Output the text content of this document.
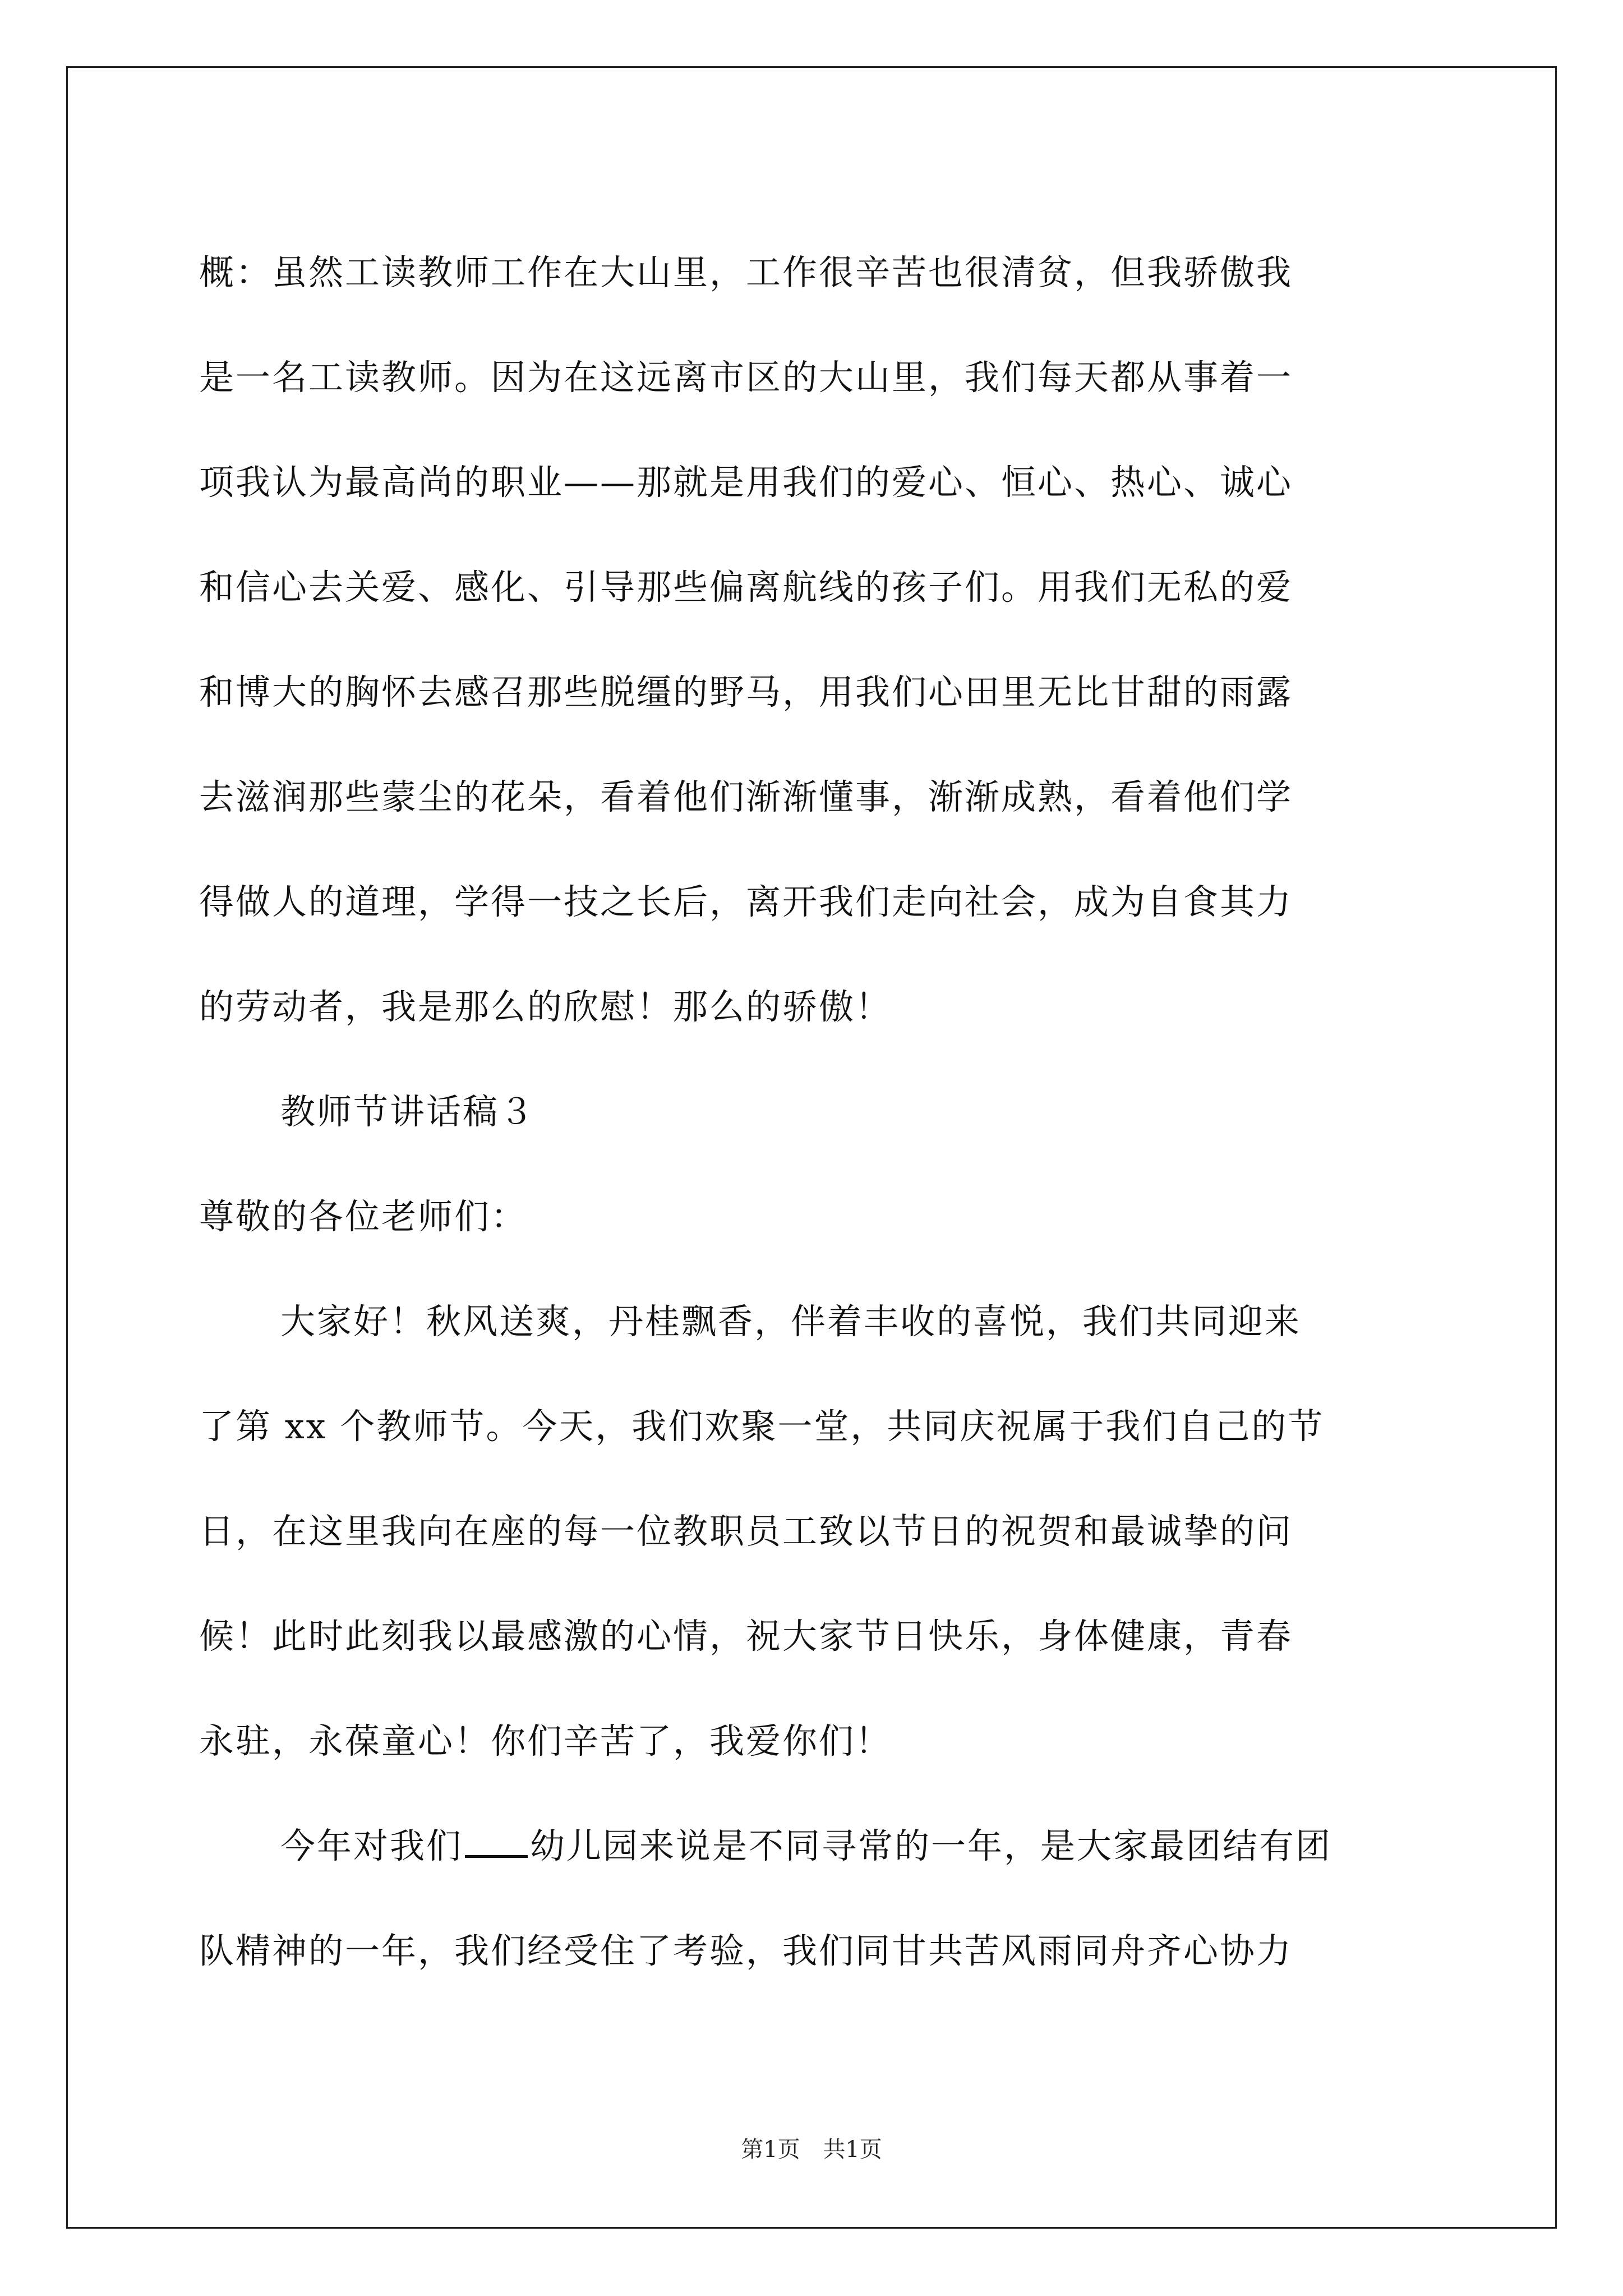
概：虽然工读教师工作在大山里，工作很辛苦也很清贫，但我骄傲我
是一名工读教师。因为在这远离市区的大山里，我们每天都从事着一
项我认为最高尚的职业——那就是用我们的爱心、恒心、热心、诚心
和信心去关爱、感化、引导那些偏离航线的孩子们。用我们无私的爱
和博大的胸怀去感召那些脱缰的野马，用我们心田里无比甘甜的雨露
去滋润那些蒙尘的花朵，看着他们渐渐懂事，渐渐成熟，看着他们学
得做人的道理，学得一技之长后，离开我们走向社会，成为自食其力
的劳动者，我是那么的欣慰！那么的骄傲！
教师节讲话稿３
尊敬的各位老师们：
大家好！秋风送爽，丹桂飘香，伴着丰收的喜悦，我们共同迎来
了第 xx 个教师节。今天，我们欢聚一堂，共同庆祝属于我们自己的节
日，在这里我向在座的每一位教职员工致以节日的祝贺和最诚挚的问
候！此时此刻我以最感激的心情，祝大家节日快乐，身体健康，青春
永驻，永葆童心！你们辛苦了，我爱你们！
今年对我们 幼儿园来说是不同寻常的一年，是大家最团结有团
队精神的一年，我们经受住了考验，我们同甘共苦风雨同舟齐心协力
第1页 共1页
